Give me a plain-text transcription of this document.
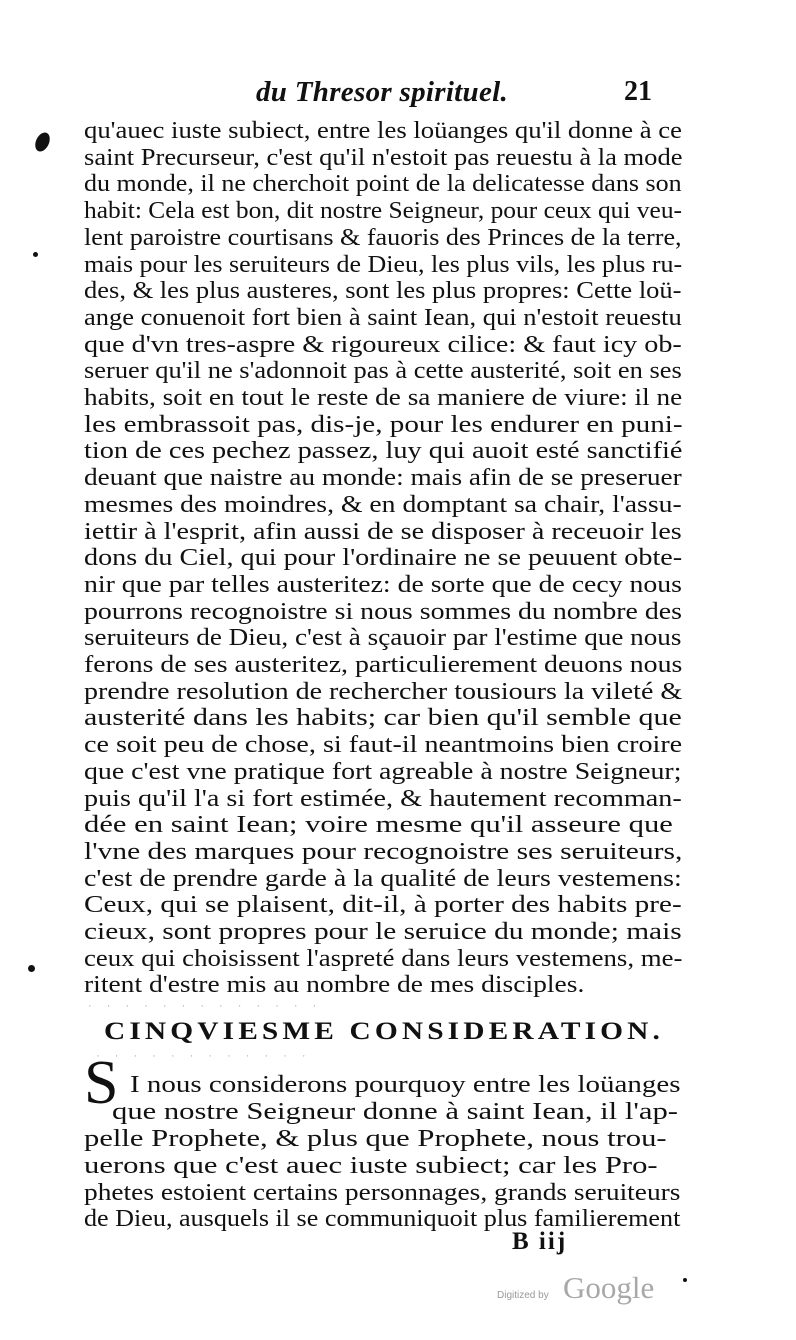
du Thresor spirituel.	21
qu'auec iuste subiect, entre les loüanges qu'il donne à ce
saint Precurseur, c'est qu'il n'estoit pas reuestu à la mode
du monde, il ne cherchoit point de la delicatesse dans son
habit: Cela est bon, dit nostre Seigneur, pour ceux qui veu-
lent paroistre courtisans & fauoris des Princes de la terre,
mais pour les seruiteurs de Dieu, les plus vils, les plus ru-
des, & les plus austeres, sont les plus propres: Cette loü-
ange conuenoit fort bien à saint Iean, qui n'estoit reuestu
que d'vn tres-aspre & rigoureux cilice: & faut icy ob-
seruer qu'il ne s'adonnoit pas à cette austerité, soit en ses
habits, soit en tout le reste de sa maniere de viure: il ne
les embrassoit pas, dis-je, pour les endurer en puni-
tion de ces pechez passez, luy qui auoit esté sanctifié
deuant que naistre au monde: mais afin de se preseruer
mesmes des moindres, & en domptant sa chair, l'assu-
iettir à l'esprit, afin aussi de se disposer à receuoir les
dons du Ciel, qui pour l'ordinaire ne se peuuent obte-
nir que par telles austeritez: de sorte que de cecy nous
pourrons recognoistre si nous sommes du nombre des
seruiteurs de Dieu, c'est à sçauoir par l'estime que nous
ferons de ses austeritez, particulierement deuons nous
prendre resolution de rechercher tousiours la vileté &
austerité dans les habits; car bien qu'il semble que
ce soit peu de chose, si faut-il neantmoins bien croire
que c'est vne pratique fort agreable à nostre Seigneur;
puis qu'il l'a si fort estimée, & hautement recomman-
dée en saint Iean; voire mesme qu'il asseure que
l'vne des marques pour recognoistre ses seruiteurs,
c'est de prendre garde à la qualité de leurs vestemens:
Ceux, qui se plaisent, dit-il, à porter des habits pre-
cieux, sont propres pour le seruice du monde; mais
ceux qui choisissent l'aspreté dans leurs vestemens, me-
ritent d'estre mis au nombre de mes disciples.
· · · · · · · · · · · · ·
CINQVIESME CONSIDERATION.
· · · · · · · · · · · ·
S I nous considerons pourquoy entre les loüanges
que nostre Seigneur donne à saint Iean, il l'ap-
pelle Prophete, & plus que Prophete, nous trou-
uerons que c'est auec iuste subiect; car les Pro-
phetes estoient certains personnages, grands seruiteurs
de Dieu, ausquels il se communiquoit plus familierement
B iij
Digitized by Google
